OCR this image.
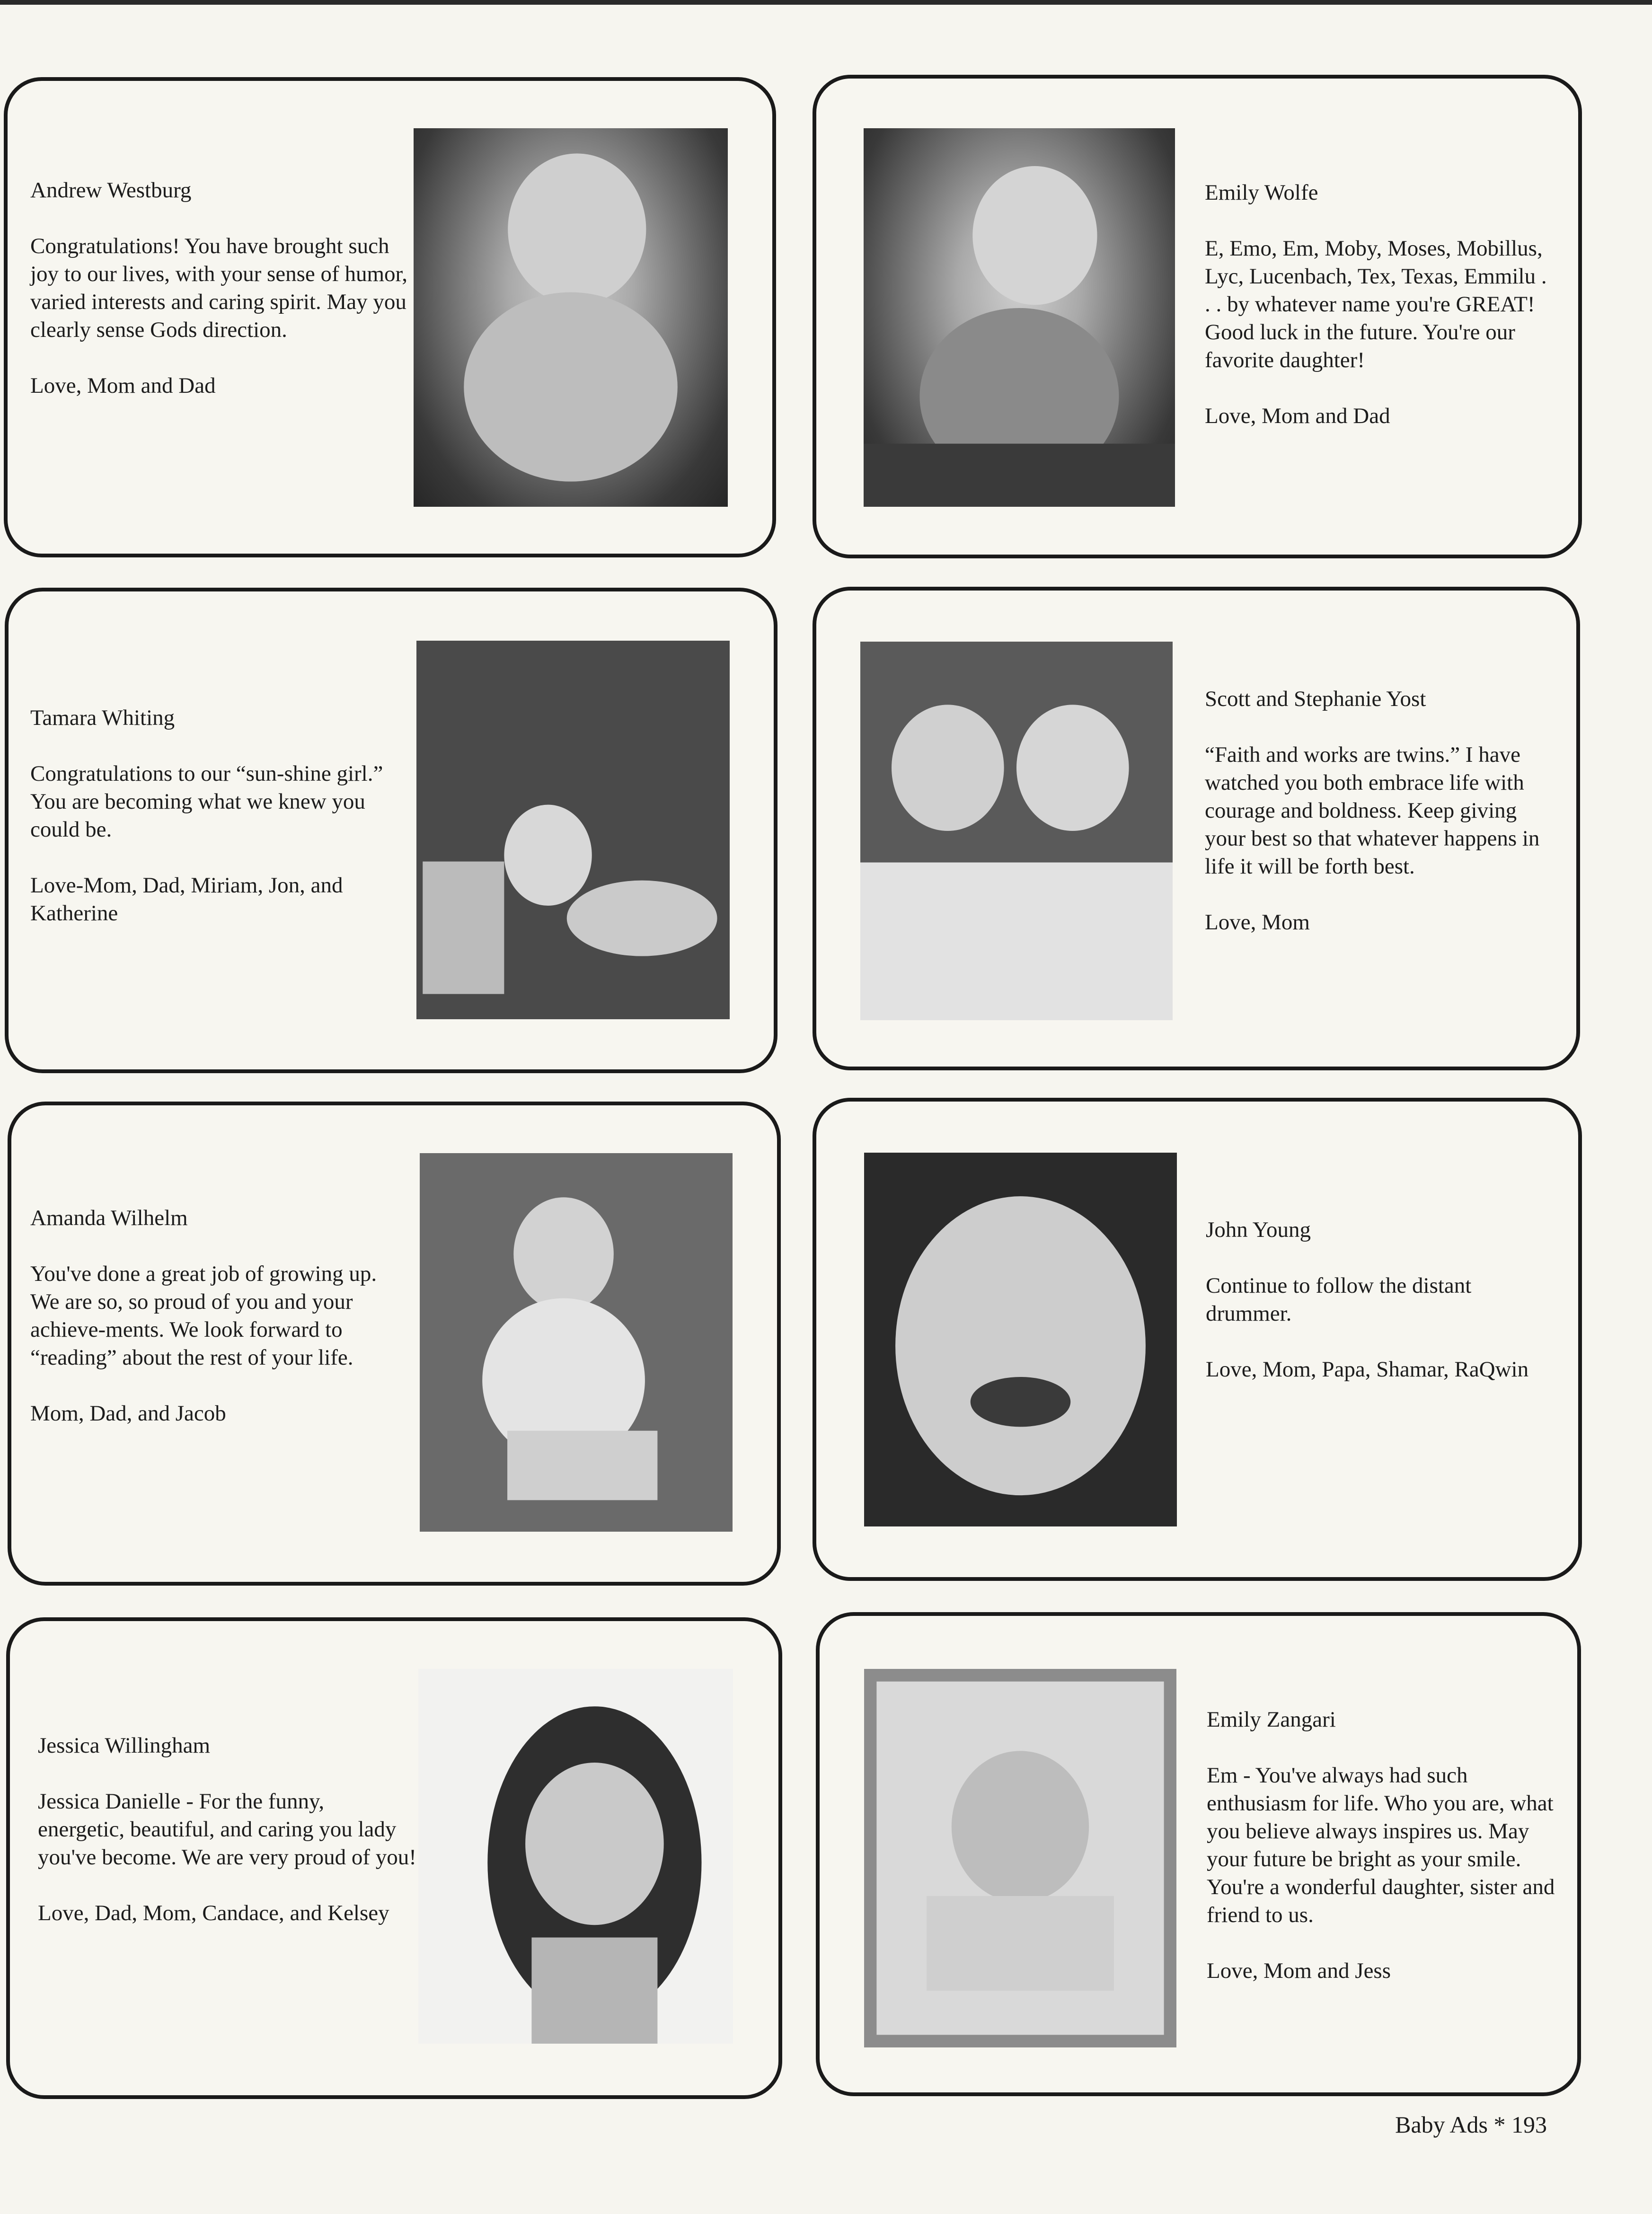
Andrew Westburg

Congratulations! You have brought such joy to our lives, with your sense of humor, varied interests and caring spirit. May you clearly sense Gods direction.

Love, Mom and Dad

Emily Wolfe

E, Emo, Em, Moby, Moses, Mobillus, Lyc, Lucenbach, Tex, Texas, Emmilu . . . by whatever name you're GREAT! Good luck in the future. You're our favorite daughter!

Love, Mom and Dad

Tamara Whiting

Congratulations to our “sun-shine girl.” You are becoming what we knew you could be.

Love-Mom, Dad, Miriam, Jon, and Katherine

Scott and Stephanie Yost

“Faith and works are twins.” I have watched you both embrace life with courage and boldness. Keep giving your best so that whatever happens in life it will be forth best.

Love, Mom

Amanda Wilhelm

You've done a great job of growing up. We are so, so proud of you and your achieve-ments. We look forward to “reading” about the rest of your life.

Mom, Dad, and Jacob

John Young

Continue to follow the distant drummer.

Love, Mom, Papa, Shamar, RaQwin

Jessica Willingham

Jessica Danielle - For the funny, energetic, beautiful, and caring you lady you've become. We are very proud of you!

Love, Dad, Mom, Candace, and Kelsey

Emily Zangari

Em - You've always had such enthusiasm for life. Who you are, what you believe always inspires us. May your future be bright as your smile. You're a wonderful daughter, sister and friend to us.

Love, Mom and Jess

Baby Ads * 193
